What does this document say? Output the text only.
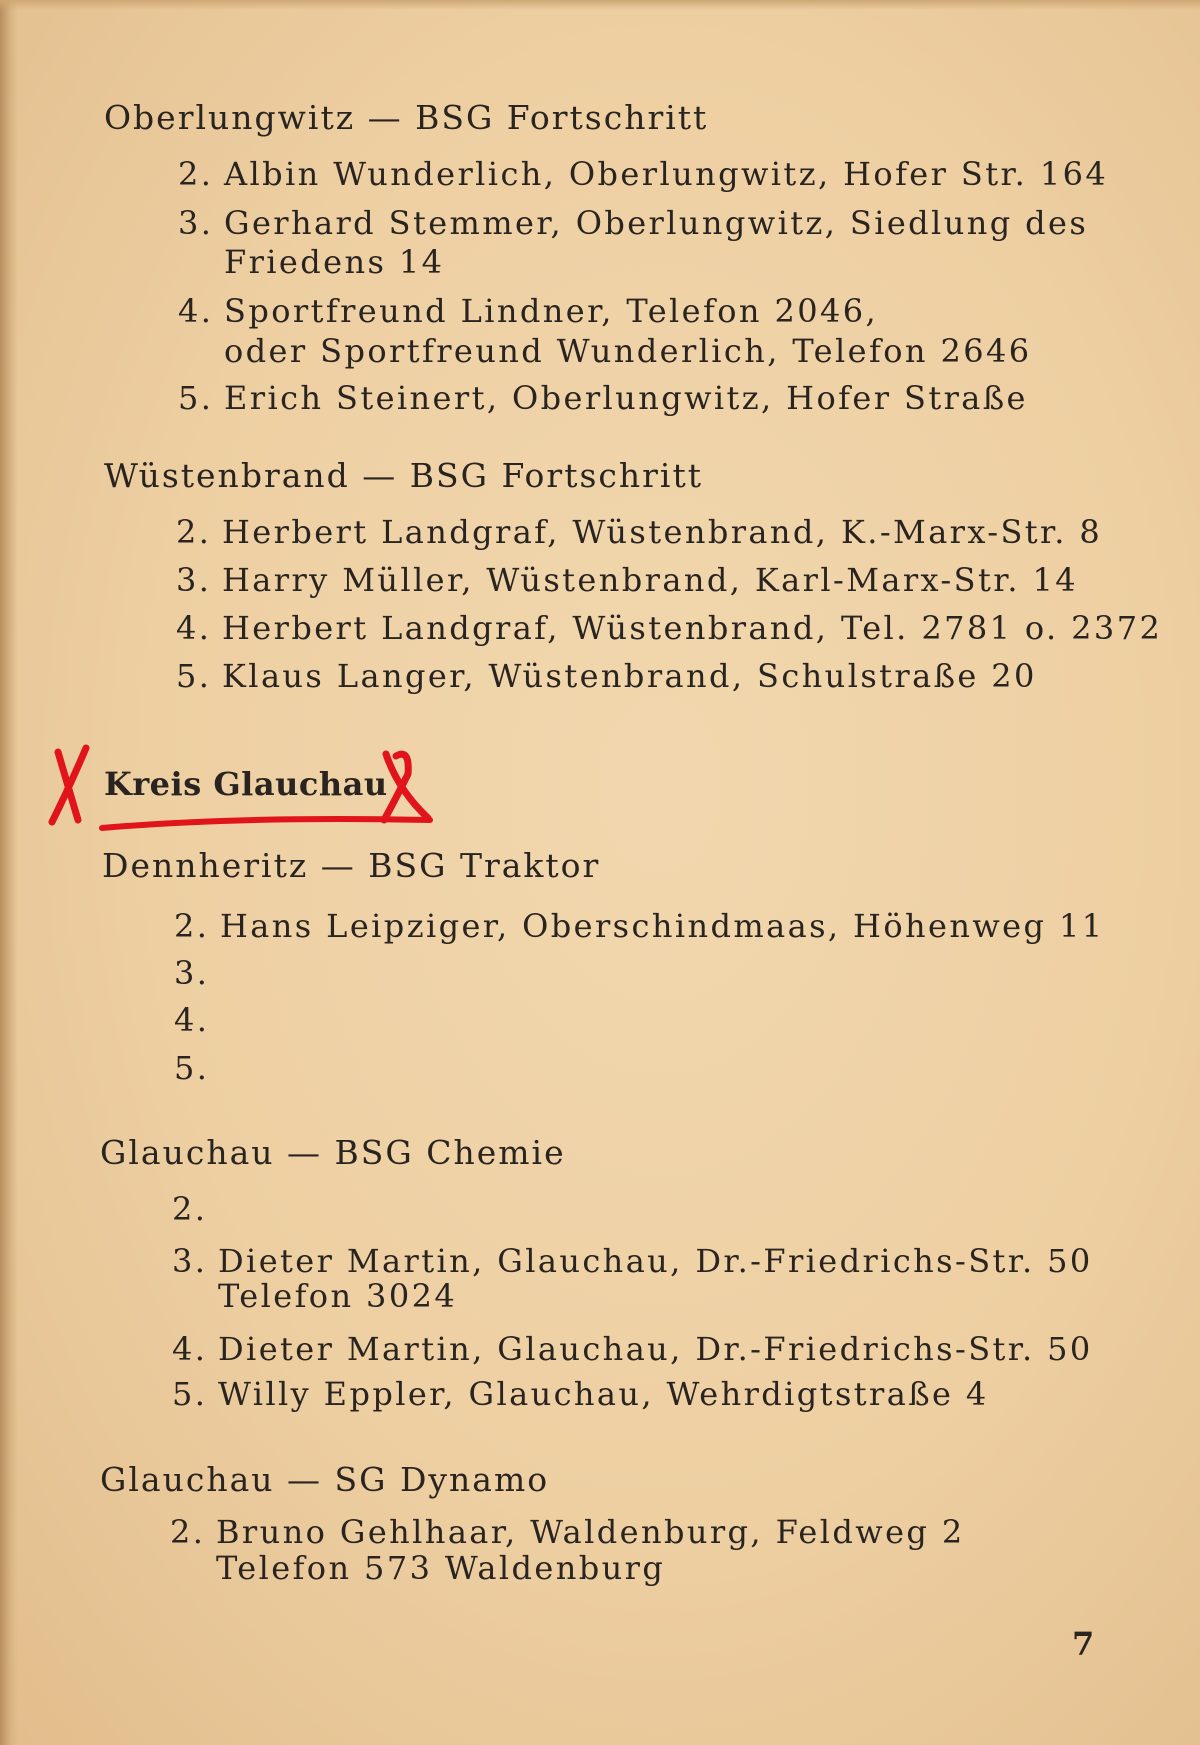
Oberlungwitz — BSG Fortschritt
2. Albin Wunderlich, Oberlungwitz, Hofer Str. 164
3. Gerhard Stemmer, Oberlungwitz, Siedlung des
Friedens 14
4. Sportfreund Lindner, Telefon 2046,
oder Sportfreund Wunderlich, Telefon 2646
5. Erich Steinert, Oberlungwitz, Hofer Straße
Wüstenbrand — BSG Fortschritt
2. Herbert Landgraf, Wüstenbrand, K.-Marx-Str. 8
3. Harry Müller, Wüstenbrand, Karl-Marx-Str. 14
4. Herbert Landgraf, Wüstenbrand, Tel. 2781 o. 2372
5. Klaus Langer, Wüstenbrand, Schulstraße 20
Kreis Glauchau
Dennheritz — BSG Traktor
2. Hans Leipziger, Oberschindmaas, Höhenweg 11
3.
4.
5.
Glauchau — BSG Chemie
2.
3. Dieter Martin, Glauchau, Dr.-Friedrichs-Str. 50
Telefon 3024
4. Dieter Martin, Glauchau, Dr.-Friedrichs-Str. 50
5. Willy Eppler, Glauchau, Wehrdigtstraße 4
Glauchau — SG Dynamo
2. Bruno Gehlhaar, Waldenburg, Feldweg 2
Telefon 573 Waldenburg
7
